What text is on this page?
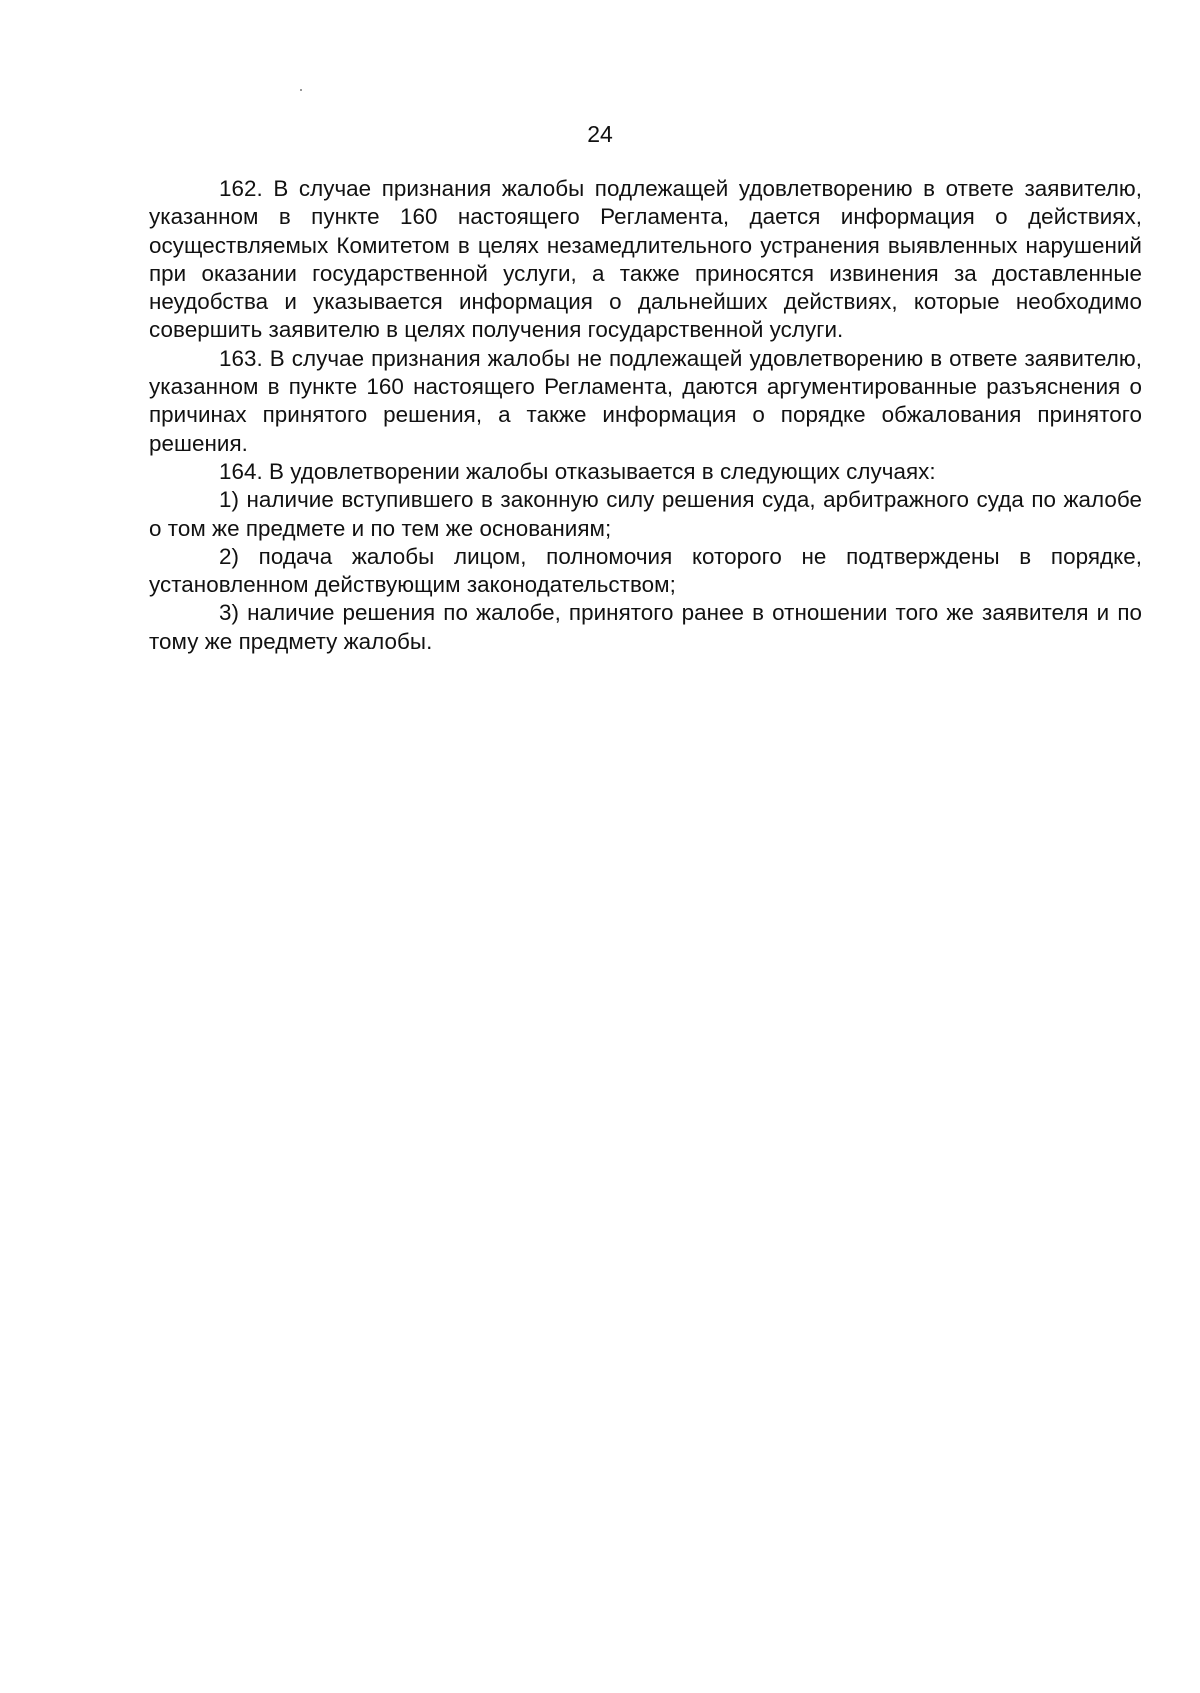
24

162. В случае признания жалобы подлежащей удовлетворению в ответе заявителю, указанном в пункте 160 настоящего Регламента, дается информация о действиях, осуществляемых Комитетом в целях незамедлительного устранения выявленных нарушений при оказании государственной услуги, а также приносятся извинения за доставленные неудобства и указывается информация о дальнейших действиях, которые необходимо совершить заявителю в целях получения государственной услуги.

163. В случае признания жалобы не подлежащей удовлетворению в ответе заявителю, указанном в пункте 160 настоящего Регламента, даются аргументированные разъяснения о причинах принятого решения, а также информация о порядке обжалования принятого решения.

164. В удовлетворении жалобы отказывается в следующих случаях:

1) наличие вступившего в законную силу решения суда, арбитражного суда по жалобе о том же предмете и по тем же основаниям;

2) подача жалобы лицом, полномочия которого не подтверждены в порядке, установленном действующим законодательством;

3) наличие решения по жалобе, принятого ранее в отношении того же заявителя и по тому же предмету жалобы.
